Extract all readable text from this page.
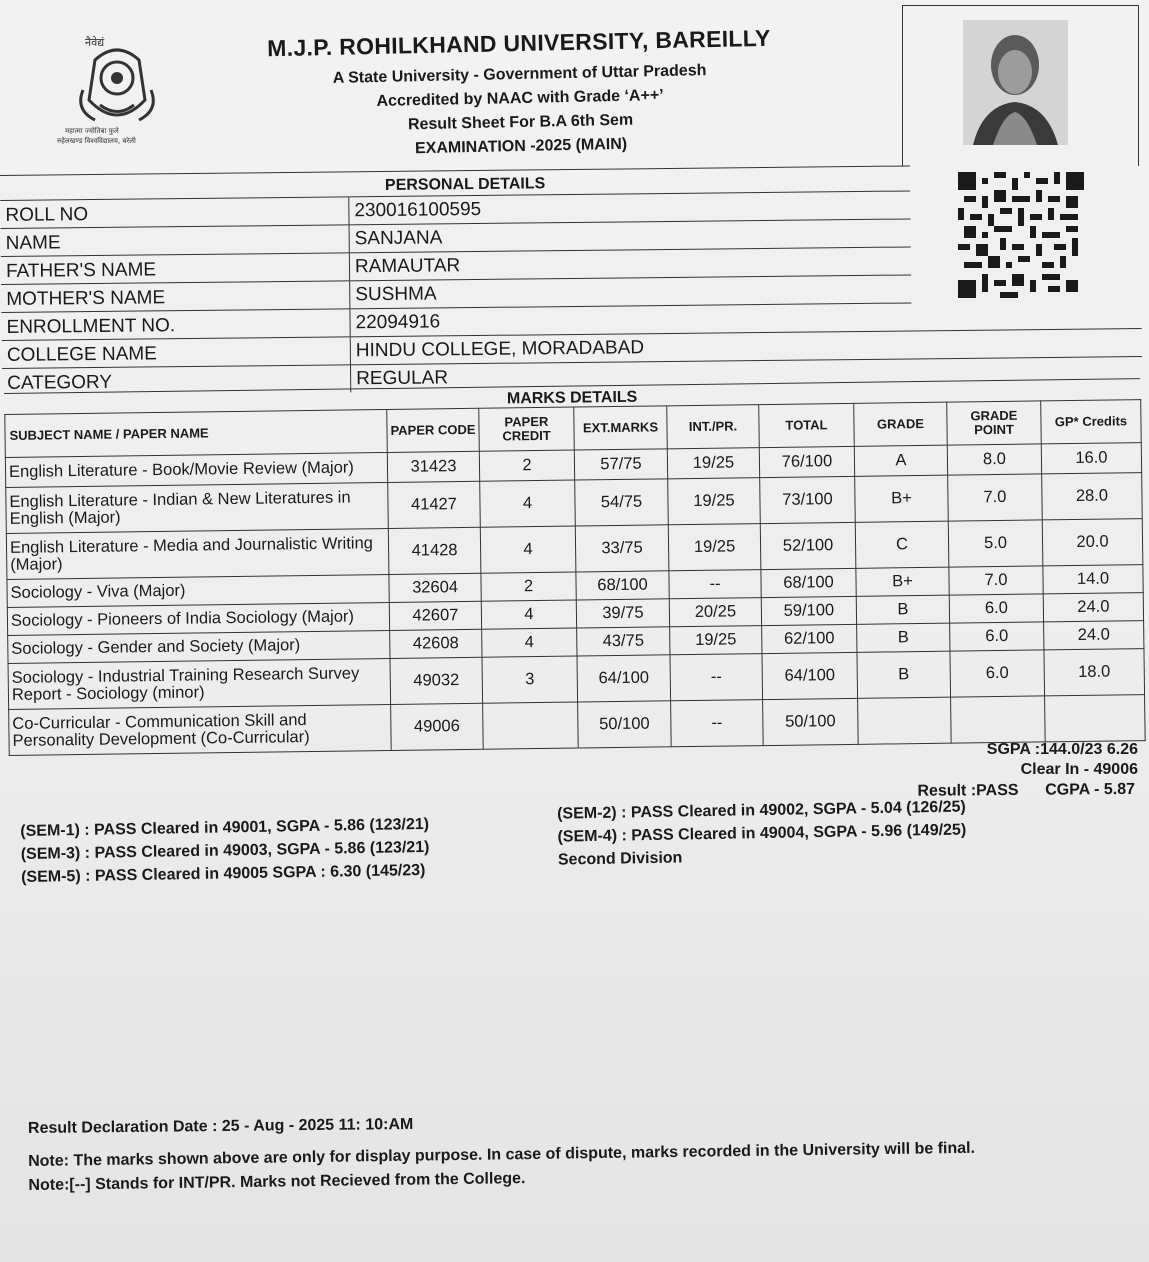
नैवेद्यं
महात्मा ज्योतिबा फुले
रुहेलखण्ड विश्वविद्यालय, बरेली
M.J.P. ROHILKHAND UNIVERSITY, BAREILLY
A State University - Government of Uttar Pradesh
Accredited by NAAC with Grade ‘A++’
Result Sheet For B.A 6th Sem
EXAMINATION -2025 (MAIN)
PERSONAL DETAILS
ROLL NO	230016100595
NAME	SANJANA
FATHER'S NAME	RAMAUTAR
MOTHER'S NAME	SUSHMA
ENROLLMENT NO.	22094916
COLLEGE NAME	HINDU COLLEGE, MORADABAD
CATEGORY	REGULAR
MARKS DETAILS
SUBJECT NAME / PAPER NAME	PAPER CODE	PAPER CREDIT	EXT.MARKS	INT./PR.	TOTAL	GRADE	GRADE POINT	GP* Credits
English Literature - Book/Movie Review (Major)	31423	2	57/75	19/25	76/100	A	8.0	16.0
English Literature - Indian & New Literatures in English (Major)	41427	4	54/75	19/25	73/100	B+	7.0	28.0
English Literature - Media and Journalistic Writing (Major)	41428	4	33/75	19/25	52/100	C	5.0	20.0
Sociology - Viva (Major)	32604	2	68/100	--	68/100	B+	7.0	14.0
Sociology - Pioneers of India Sociology (Major)	42607	4	39/75	20/25	59/100	B	6.0	24.0
Sociology - Gender and Society (Major)	42608	4	43/75	19/25	62/100	B	6.0	24.0
Sociology - Industrial Training Research Survey Report - Sociology (minor)	49032	3	64/100	--	64/100	B	6.0	18.0
Co-Curricular - Communication Skill and Personality Development (Co-Curricular)	49006		50/100	--	50/100			
SGPA :144.0/23 6.26
Clear In - 49006
Result :PASS CGPA - 5.87
(SEM-1) : PASS Cleared in 49001, SGPA - 5.86 (123/21)
(SEM-3) : PASS Cleared in 49003, SGPA - 5.86 (123/21)
(SEM-5) : PASS Cleared in 49005 SGPA : 6.30 (145/23)
(SEM-2) : PASS Cleared in 49002, SGPA - 5.04 (126/25)
(SEM-4) : PASS Cleared in 49004, SGPA - 5.96 (149/25)
Second Division
Result Declaration Date : 25 - Aug - 2025 11: 10:AM
Note: The marks shown above are only for display purpose. In case of dispute, marks recorded in the University will be final.
Note:[--] Stands for INT/PR. Marks not Recieved from the College.
